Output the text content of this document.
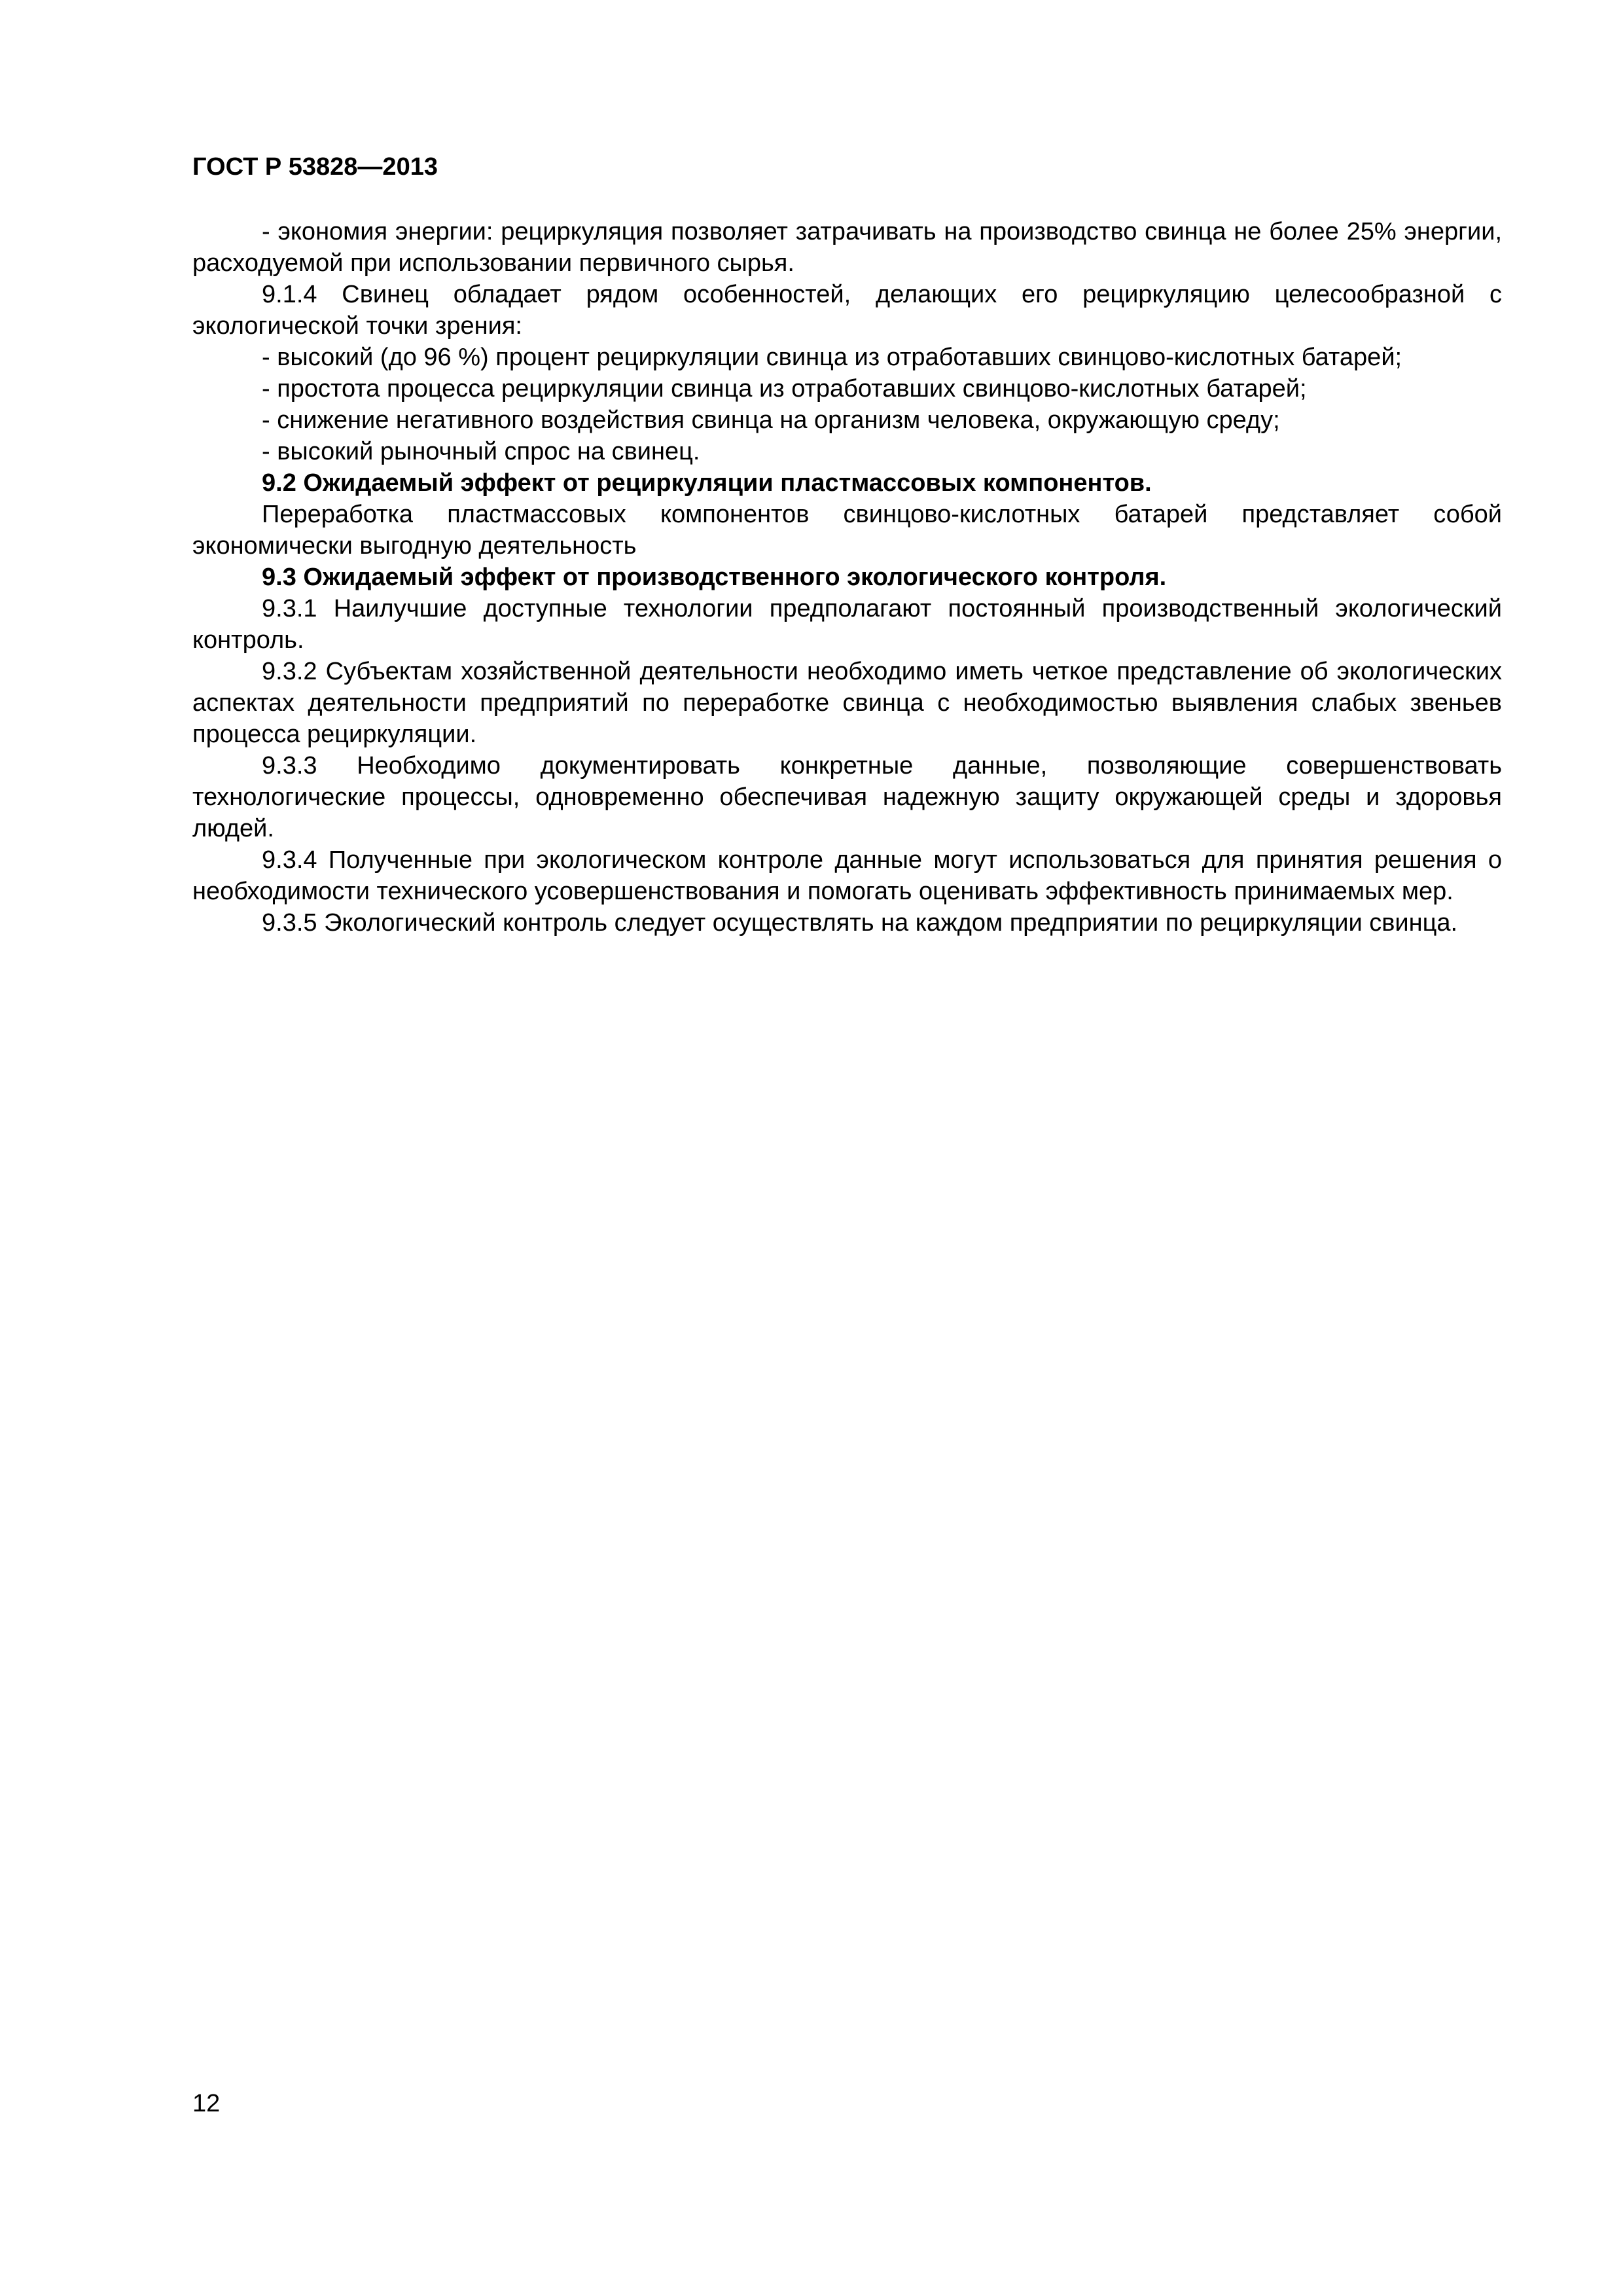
ГОСТ Р 53828—2013

- экономия энергии: рециркуляция позволяет затрачивать на производство свинца не более 25% энергии, расходуемой при использовании первичного сырья.

9.1.4 Свинец обладает рядом особенностей, делающих его рециркуляцию целесообразной с экологической точки зрения:

- высокий (до 96 %) процент рециркуляции свинца из отработавших свинцово-кислотных батарей;

- простота процесса рециркуляции свинца из отработавших свинцово-кислотных батарей;

- снижение негативного воздействия свинца на организм человека, окружающую среду;

- высокий рыночный спрос на свинец.

9.2 Ожидаемый эффект от рециркуляции пластмассовых компонентов.

Переработка пластмассовых компонентов свинцово-кислотных батарей представляет собой экономически выгодную деятельность

9.3 Ожидаемый эффект от производственного экологического контроля.

9.3.1 Наилучшие доступные технологии предполагают постоянный производственный экологический контроль.

9.3.2 Субъектам хозяйственной деятельности необходимо иметь четкое представление об экологических аспектах деятельности предприятий по переработке свинца с необходимостью выявления слабых звеньев процесса рециркуляции.

9.3.3 Необходимо документировать конкретные данные, позволяющие совершенствовать технологические процессы, одновременно обеспечивая надежную защиту окружающей среды и здоровья людей.

9.3.4 Полученные при экологическом контроле данные могут использоваться для принятия решения о необходимости технического усовершенствования и помогать оценивать эффективность принимаемых мер.

9.3.5 Экологический контроль следует осуществлять на каждом предприятии по рециркуляции свинца.

12
